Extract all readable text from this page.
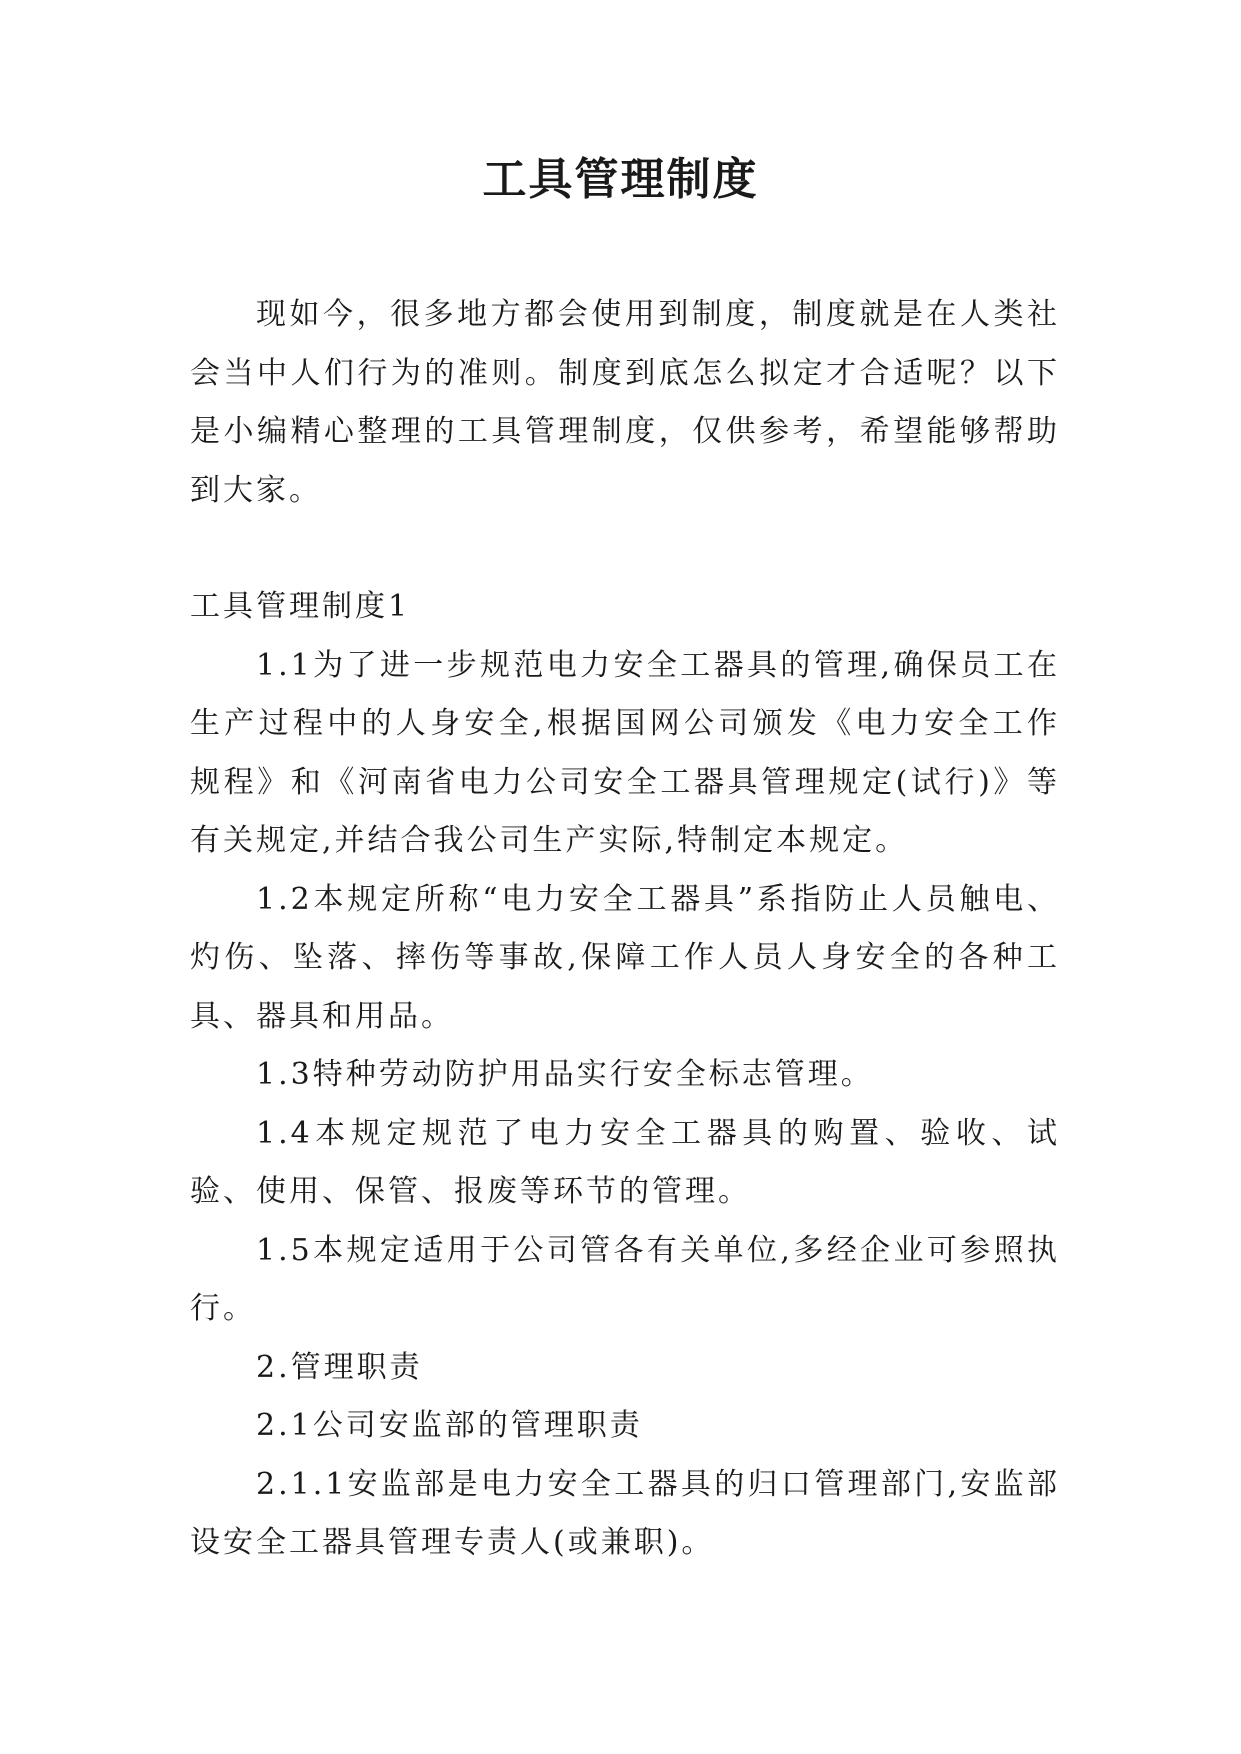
工具管理制度

现如今，很多地方都会使用到制度，制度就是在人类社会当中人们行为的准则。制度到底怎么拟定才合适呢？以下是小编精心整理的工具管理制度，仅供参考，希望能够帮助到大家。

工具管理制度1

1.1为了进一步规范电力安全工器具的管理,确保员工在生产过程中的人身安全,根据国网公司颁发《电力安全工作规程》和《河南省电力公司安全工器具管理规定(试行)》等有关规定,并结合我公司生产实际,特制定本规定。

1.2本规定所称“电力安全工器具”系指防止人员触电、灼伤、坠落、摔伤等事故,保障工作人员人身安全的各种工具、器具和用品。

1.3特种劳动防护用品实行安全标志管理。

1.4本规定规范了电力安全工器具的购置、验收、试验、使用、保管、报废等环节的管理。

1.5本规定适用于公司管各有关单位,多经企业可参照执行。

2.管理职责

2.1公司安监部的管理职责

2.1.1安监部是电力安全工器具的归口管理部门,安监部设安全工器具管理专责人(或兼职)。
